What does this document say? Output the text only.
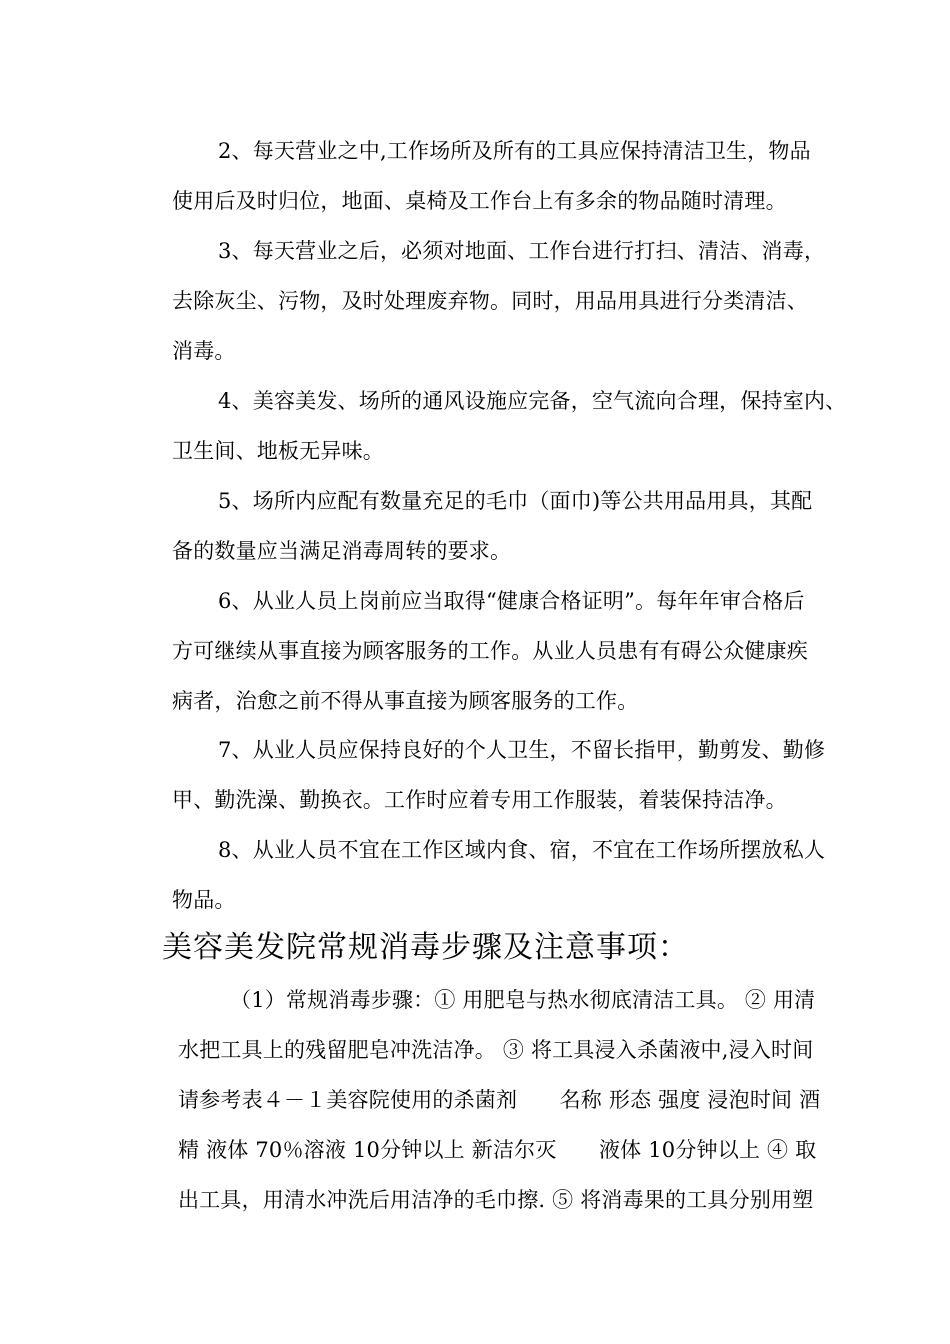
2、每天营业之中,工作场所及所有的工具应保持清洁卫生，物品
使用后及时归位，地面、桌椅及工作台上有多余的物品随时清理。
3、每天营业之后，必须对地面、工作台进行打扫、清洁、消毒，
去除灰尘、污物，及时处理废弃物。同时，用品用具进行分类清洁、
消毒。
4、美容美发、场所的通风设施应完备，空气流向合理，保持室内、
卫生间、地板无异味。
5、场所内应配有数量充足的毛巾（面巾)等公共用品用具，其配
备的数量应当满足消毒周转的要求。
6、从业人员上岗前应当取得“健康合格证明”。每年年审合格后
方可继续从事直接为顾客服务的工作。从业人员患有有碍公众健康疾
病者，治愈之前不得从事直接为顾客服务的工作。
7、从业人员应保持良好的个人卫生，不留长指甲，勤剪发、勤修
甲、勤洗澡、勤换衣。工作时应着专用工作服装，着装保持洁净。
8、从业人员不宜在工作区域内食、宿，不宜在工作场所摆放私人
物品。
美容美发院常规消毒步骤及注意事项：
（1）常规消毒步骤：① 用肥皂与热水彻底清洁工具。 ② 用清
水把工具上的残留肥皂冲洗洁净。 ③ 将工具浸入杀菌液中,浸入时间
请参考表４－１美容院使用的杀菌剂　　名称 形态 强度 浸泡时间 酒
精 液体 70％溶液 10分钟以上 新洁尔灭　　液体 10分钟以上 ④ 取
出工具，用清水冲洗后用洁净的毛巾擦. ⑤ 将消毒果的工具分别用塑
